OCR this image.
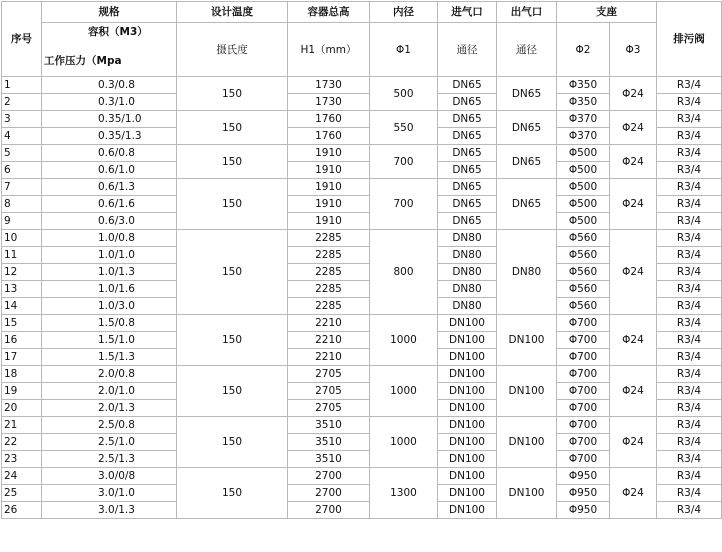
序号	规格	设计温度	容器总高	内径	进气口	出气口	支座		排污阀

	容积（M3）
工作压力（Mpa	摄氏度	H1（mm）	Φ1	通径	通径	Φ2	Φ3	
1	0.3/0.8	150	1730	500	DN65	DN65	Φ350	Φ24	R3/4
2	0.3/1.0		1730		DN65		Φ350		R3/4
3	0.35/1.0	150	1760	550	DN65	DN65	Φ370	Φ24	R3/4
4	0.35/1.3		1760		DN65		Φ370		R3/4
5	0.6/0.8	150	1910	700	DN65	DN65	Φ500	Φ24	R3/4
6	0.6/1.0		1910		DN65		Φ500		R3/4
7	0.6/1.3	150	1910	700	DN65	DN65	Φ500	Φ24	R3/4
8	0.6/1.6		1910		DN65		Φ500		R3/4
9	0.6/3.0		1910		DN65		Φ500		R3/4
10	1.0/0.8	150	2285	800	DN80	DN80	Φ560	Φ24	R3/4
11	1.0/1.0		2285		DN80		Φ560		R3/4
12	1.0/1.3		2285		DN80		Φ560		R3/4
13	1.0/1.6		2285		DN80		Φ560		R3/4
14	1.0/3.0		2285		DN80		Φ560		R3/4
15	1.5/0.8	150	2210	1000	DN100	DN100	Φ700	Φ24	R3/4
16	1.5/1.0		2210		DN100		Φ700		R3/4
17	1.5/1.3		2210		DN100		Φ700		R3/4
18	2.0/0.8	150	2705	1000	DN100	DN100	Φ700	Φ24	R3/4
19	2.0/1.0		2705		DN100		Φ700		R3/4
20	2.0/1.3		2705		DN100		Φ700		R3/4
21	2.5/0.8	150	3510	1000	DN100	DN100	Φ700	Φ24	R3/4
22	2.5/1.0		3510		DN100		Φ700		R3/4
23	2.5/1.3		3510		DN100		Φ700		R3/4
24	3.0/0/8	150	2700	1300	DN100	DN100	Φ950	Φ24	R3/4
25	3.0/1.0		2700		DN100		Φ950		R3/4
26	3.0/1.3		2700		DN100		Φ950		R3/4
